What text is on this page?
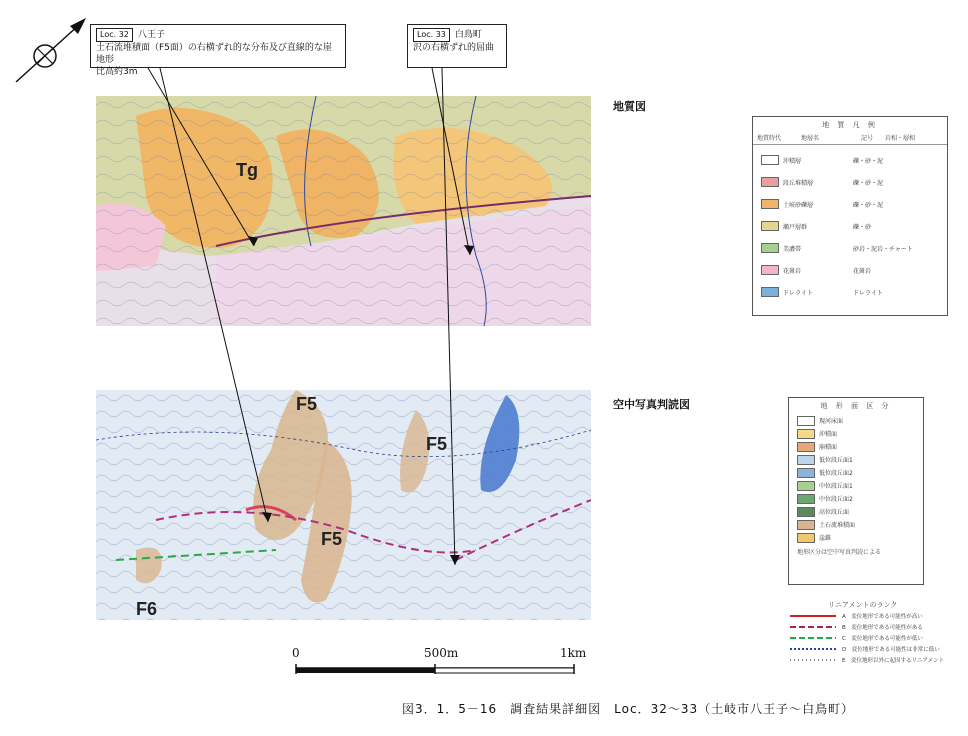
Loc. 32 八王子
土石流堆積面（F5面）の右横ずれ的な分布及び直線的な崖地形
比高約3m
Loc. 33 白鳥町
沢の右横ずれ的屈曲
Tg
F5
F5
F5
F6
地質図
空中写真判読図
地 質 凡 例
地質時代	地層名	記号	岩相・層相
沖積層	礫・砂・泥
段丘堆積層	礫・砂・泥
土岐砂礫層	礫・砂・泥
瀬戸層群	礫・砂
美濃帯	砂岩・泥岩・チャート
花崗岩	花崗岩
ドレライト	ドレライト
地 形 面 区 分
現河床面
沖積面
崩積面
低位段丘面1
低位段丘面2
中位段丘面1
中位段丘面2
高位段丘面
土石流堆積面
崖錐
地形区分は空中写真判読による
リニアメントのランク
A　変位地形である可能性が高い
B　変位地形である可能性がある
C　変位地形である可能性が低い
D　変位地形である可能性は非常に低い
E　変位地形以外に起因するリニアメント
0	500m	1km
図3．1．5－16　調査結果詳細図　Loc．32～33（土岐市八王子～白鳥町）
